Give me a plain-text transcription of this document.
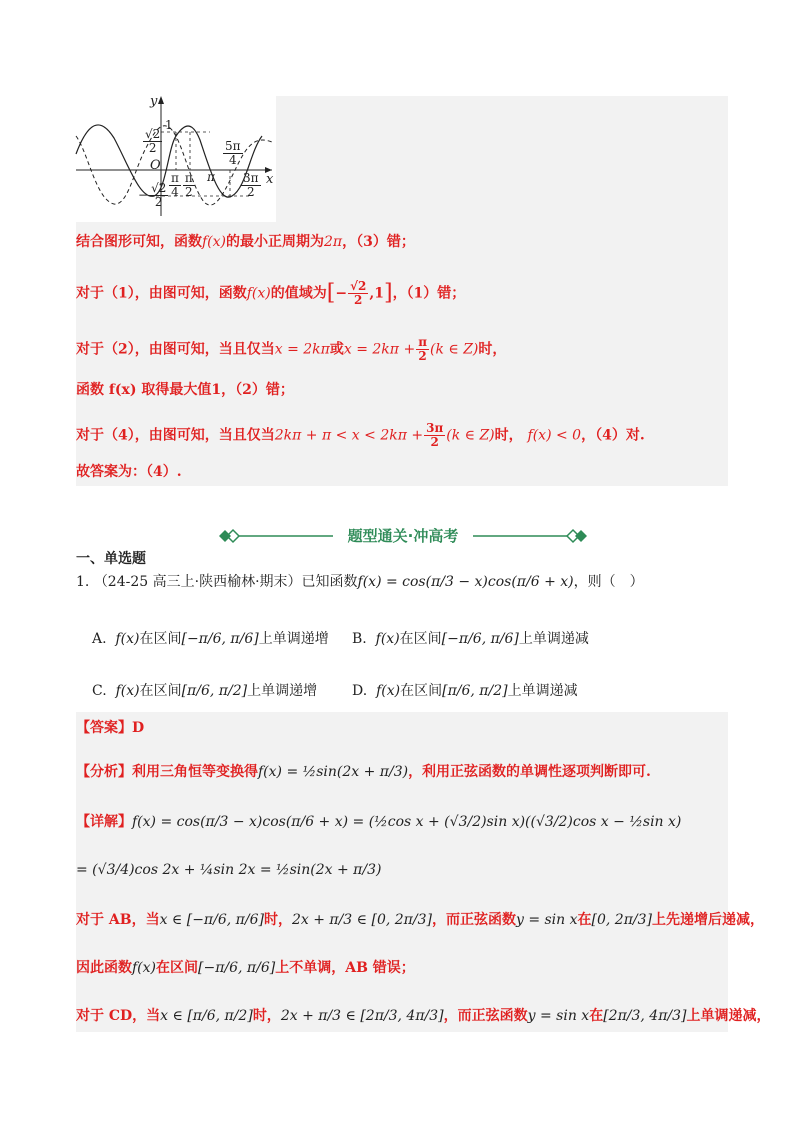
y
x
O
1
$\frac{√2}{2}$
− $\frac{√2}{2} \frac{\pi}{4} \frac{\pi}{2}$ π
$\frac{5\pi}{4}$
$\frac{3\pi}{2}$
结合图形可知，函数f(x)的最小正周期为2π，（3）错；
对于（1），由图可知，函数f(x)的值域为[− $\frac{√2}{2} ,1$]，（1）错；
对于（2），由图可知，当且仅当x = 2kπ或$x = 2k\pi + \frac{\pi}{2} (k$ ∈ Z)时，
函数 f(x) 取得最大值1，（2）错；
对于（4），由图可知，当且仅当$2k\pi + \pi < x < 2k\pi + \frac{3\pi}{2} (k$ ∈ Z)时， f(x) < 0，（4）对.
故答案为：（4）.
题型通关·冲高考
一、单选题
1. （24-25 高三上·陕西榆林·期末）已知函数f(x) = cos(π/3 − x)cos(π/6 + x)，则（　）
A. f(x)在区间[−π/6, π/6]上单调递增 B. f(x)在区间[−π/6, π/6]上单调递减
C. f(x)在区间[π/6, π/2]上单调递增 D. f(x)在区间[π/6, π/2]上单调递减
【答案】D
【分析】利用三角恒等变换得f(x) = ½sin(2x + π/3)，利用正弦函数的单调性逐项判断即可.
【详解】f(x) = cos(π/3 − x)cos(π/6 + x) = (½cos x + (√3/2)sin x)((√3/2)cos x − ½sin x)
= (√3/4)cos 2x + ¼sin 2x = ½sin(2x + π/3)
对于 AB，当x ∈ [−π/6, π/6]时，2x + π/3 ∈ [0, 2π/3]，而正弦函数y = sin x在[0, 2π/3]上先递增后递减，
因此函数f(x)在区间[−π/6, π/6]上不单调，AB 错误；
对于 CD，当x ∈ [π/6, π/2]时，2x + π/3 ∈ [2π/3, 4π/3]，而正弦函数y = sin x在[2π/3, 4π/3]上单调递减，
